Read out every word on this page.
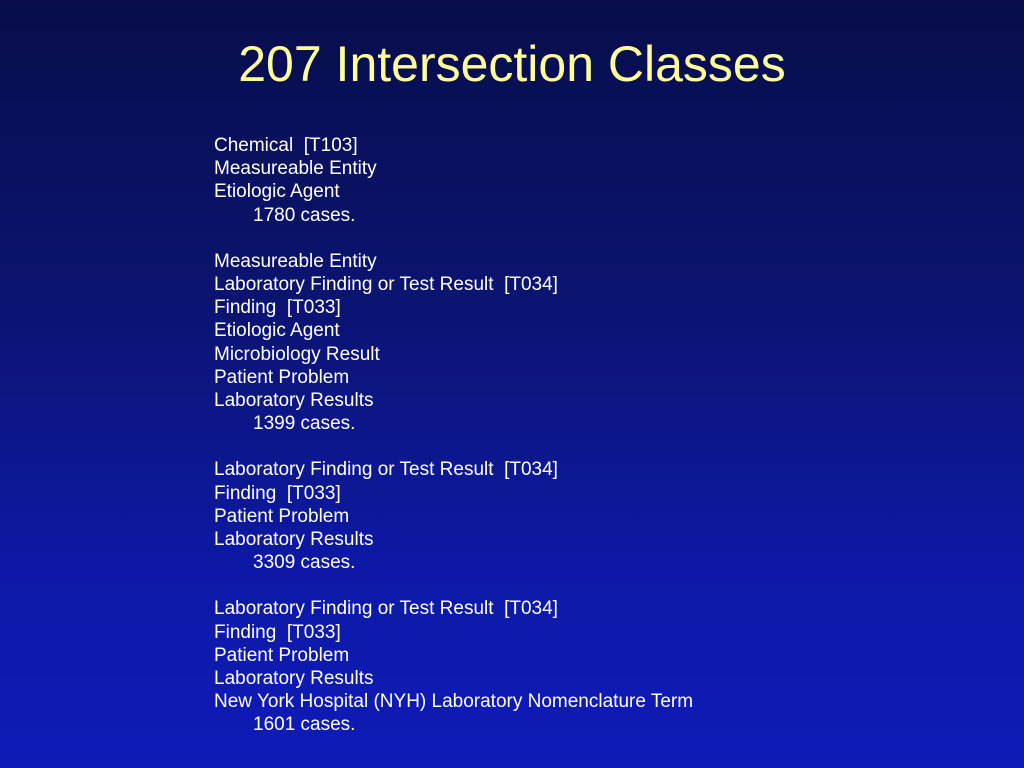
207 Intersection Classes
Chemical  [T103]
Measureable Entity
Etiologic Agent
1780 cases.
Measureable Entity
Laboratory Finding or Test Result  [T034]
Finding  [T033]
Etiologic Agent
Microbiology Result
Patient Problem
Laboratory Results
1399 cases.
Laboratory Finding or Test Result  [T034]
Finding  [T033]
Patient Problem
Laboratory Results
3309 cases.
Laboratory Finding or Test Result  [T034]
Finding  [T033]
Patient Problem
Laboratory Results
New York Hospital (NYH) Laboratory Nomenclature Term
1601 cases.
